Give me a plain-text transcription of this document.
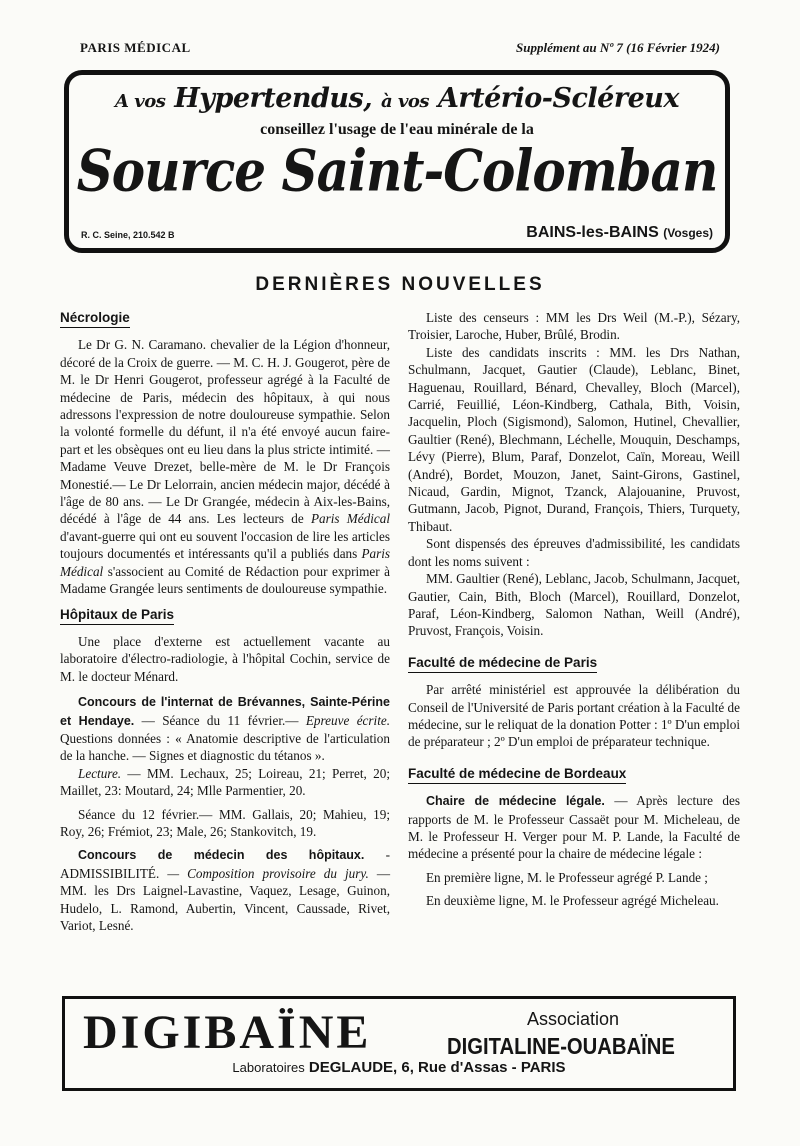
PARIS MÉDICAL	Supplément au Nº 7 (16 Février 1924)
A vos Hypertendus, à vos Artério-Scléreux
conseillez l'usage de l'eau minérale de la
Source Saint-Colomban
R. C. Seine, 210.542 B	BAINS-les-BAINS (Vosges)
DERNIÈRES NOUVELLES
Nécrologie

Le Dr G. N. Caramano. chevalier de la Légion d'honneur, décoré de la Croix de guerre. — M. C. H. J. Gougerot, père de M. le Dr Henri Gougerot, professeur agrégé à la Faculté de médecine de Paris, médecin des hôpitaux, à qui nous adressons l'expression de notre douloureuse sympathie. Selon la volonté formelle du défunt, il n'a été envoyé aucun faire-part et les obsèques ont eu lieu dans la plus stricte intimité. — Madame Veuve Drezet, belle-mère de M. le Dr François Monestié.— Le Dr Lelorrain, ancien médecin major, décédé à l'âge de 80 ans. — Le Dr Grangée, médecin à Aix-les-Bains, décédé à l'âge de 44 ans. Les lecteurs de Paris Médical d'avant-guerre qui ont eu souvent l'occasion de lire les articles toujours documentés et intéressants qu'il a publiés dans Paris Médical s'associent au Comité de Rédaction pour exprimer à Madame Grangée leurs sentiments de douloureuse sympathie.

Hôpitaux de Paris

Une place d'externe est actuellement vacante au laboratoire d'électro-radiologie, à l'hôpital Cochin, service de M. le docteur Ménard.

Concours de l'internat de Brévannes, Sainte-Périne et Hendaye. — Séance du 11 février.— Epreuve écrite. Questions données : « Anatomie descriptive de l'articulation de la hanche. — Signes et diagnostic du tétanos ».

Lecture. — MM. Lechaux, 25; Loireau, 21; Perret, 20; Maillet, 23: Moutard, 24; Mlle Parmentier, 20.

Séance du 12 février.— MM. Gallais, 20; Mahieu, 19; Roy, 26; Frémiot, 23; Male, 26; Stankovitch, 19.

Concours de médecin des hôpitaux. - ADMISSIBILITÉ. — Composition provisoire du jury. — MM. les Drs Laignel-Lavastine, Vaquez, Lesage, Guinon, Hudelo, L. Ramond, Aubertin, Vincent, Caussade, Rivet, Variot, Lesné.

Liste des censeurs : MM les Drs Weil (M.-P.), Sézary, Troisier, Laroche, Huber, Brûlé, Brodin.

Liste des candidats inscrits : MM. les Drs Nathan, Schulmann, Jacquet, Gautier (Claude), Leblanc, Binet, Haguenau, Rouillard, Bénard, Chevalley, Bloch (Marcel), Carrié, Feuillié, Léon-Kindberg, Cathala, Bith, Voisin, Jacquelin, Ploch (Sigismond), Salomon, Hutinel, Chevallier, Gaultier (René), Blechmann, Léchelle, Mouquin, Deschamps, Lévy (Pierre), Blum, Paraf, Donzelot, Caïn, Moreau, Weill (André), Bordet, Mouzon, Janet, Saint-Girons, Gastinel, Nicaud, Gardin, Mignot, Tzanck, Alajouanine, Pruvost, Gutmann, Jacob, Pignot, Durand, François, Thiers, Turquety, Thibaut.

Sont dispensés des épreuves d'admissibilité, les candidats dont les noms suivent :

MM. Gaultier (René), Leblanc, Jacob, Schulmann, Jacquet, Gautier, Cain, Bith, Bloch (Marcel), Rouillard, Donzelot, Paraf, Léon-Kindberg, Salomon Nathan, Weill (André), Pruvost, François, Voisin.

Faculté de médecine de Paris

Par arrêté ministériel est approuvée la délibération du Conseil de l'Université de Paris portant création à la Faculté de médecine, sur le reliquat de la donation Potter : 1º D'un emploi de préparateur ; 2º D'un emploi de préparateur technique.

Faculté de médecine de Bordeaux

Chaire de médecine légale. — Après lecture des rapports de M. le Professeur Cassaët pour M. Micheleau, de M. le Professeur H. Verger pour M. P. Lande, la Faculté de médecine a présenté pour la chaire de médecine légale :

En première ligne, M. le Professeur agrégé P. Lande ;

En deuxième ligne, M. le Professeur agrégé Micheleau.

DIGIBAÏNE	Association
DIGITALINE-OUABAÏNE
Laboratoires DEGLAUDE, 6, Rue d'Assas - PARIS
